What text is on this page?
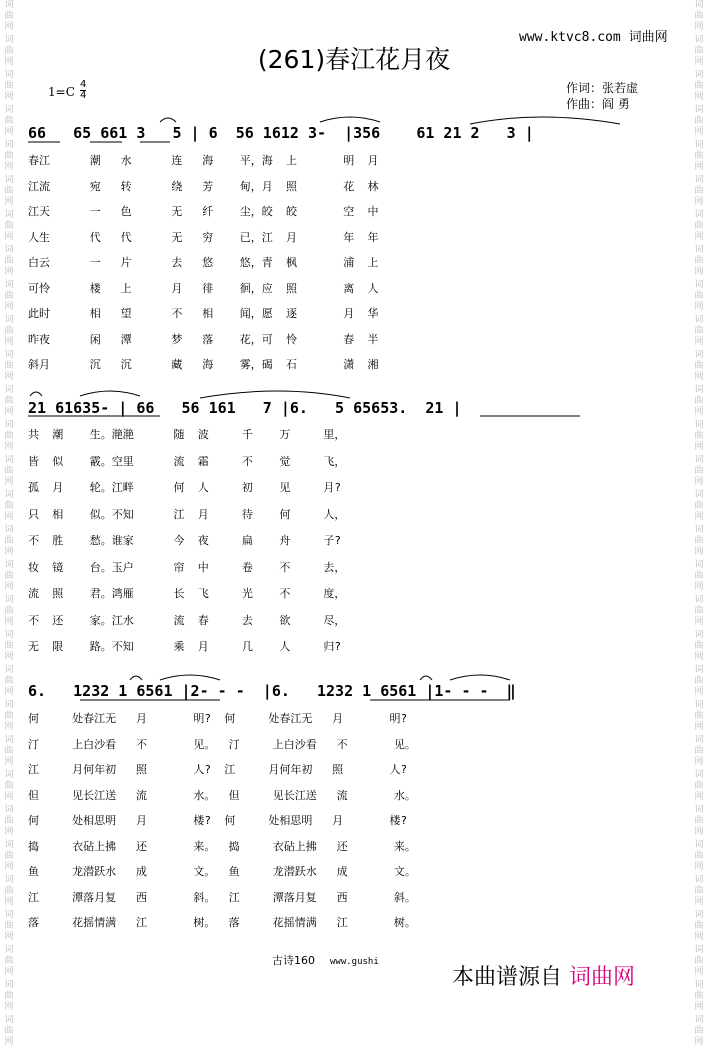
词
曲
网
词
曲
网
词
曲
网
词
曲
网
词
曲
网
词
曲
网
词
曲
网
词
曲
网
词
曲
网
词
曲
网
词
曲
网
词
曲
网
词
曲
网
词
曲
网
词
曲
网
词
曲
网
词
曲
网
词
曲
网
词
曲
网
词
曲
网
词
曲
网
词
曲
网
词
曲
网
词
曲
网
词
曲
网
词
曲
网
词
曲
网
词
曲
网
词
曲
网
词
曲
网
词
曲
网
词
曲
网
词
曲
网
词
曲
网
词
曲
网
词
曲
网
词
曲
网
词
曲
网
词
曲
网
词
曲
网
词
曲
网
词
曲
网
词
曲
网
词
曲
网
词
曲
网
词
曲
网
词
曲
网
词
曲
网
词
曲
网
词
曲
网
词
曲
网
词
曲
网
词
曲
网
词
曲
网
词
曲
网
词
曲
网
词
曲
网
词
曲
网
词
曲
网
词
曲
网
www.ktvc8.com 词曲网
(261)春江花月夜
$1=C \frac{4}{4}$	作词：张若虚
作曲：阎 勇
66   65 661 3   5 | 6  56 1612 3-  |356    61 21 2   3 |
21 61635- | 66   56 161   7 |6.   5 65653.  21 |
6.   1232 1 6561 |2- - -  |6.   1232 1 6561 |1- - -  ‖
春江      潮   水      连   海    平，海  上       明  月
江流      宛   转      绕   芳    甸，月  照       花  林
江天      一   色      无   纤    尘，皎  皎       空  中
人生      代   代      无   穷    已，江  月       年  年
白云      一   片      去   悠    悠，青  枫       浦  上
可怜      楼   上      月   徘    徊，应  照       离  人
此时      相   望      不   相    闻，愿  逐       月  华
昨夜      闲   潭      梦   落    花，可  怜       春  半
斜月      沉   沉      藏   海    雾，碣  石       潇  湘
共  潮    生。滟滟      随  波     千    万     里，
皆  似    霰。空里      流  霜     不    觉     飞，
孤  月    轮。江畔      何  人     初    见     月?
只  相    似。不知      江  月     待    何     人，
不  胜    愁。谁家      今  夜     扁    舟     子?
妆  镜    台。玉户      帘  中     卷    不     去，
流  照    君。鸿雁      长  飞     光    不     度，
不  还    家。江水      流  春     去    欲     尽，
无  限    路。不知      乘  月     几    人     归?
何     处春江无   月       明?  何     处春江无   月       明?
汀     上白沙看   不       见。  汀     上白沙看   不       见。
江     月何年初   照       人?  江     月何年初   照       人?
但     见长江送   流       水。  但     见长江送   流       水。
何     处相思明   月       楼?  何     处相思明   月       楼?
捣     衣砧上拂   还       来。  捣     衣砧上拂   还       来。
鱼     龙潜跃水   成       文。  鱼     龙潜跃水   成       文。
江     潭落月复   西       斜。  江     潭落月复   西       斜。
落     花摇情满   江       树。  落     花摇情满   江       树。
古诗160 www.gushi
本曲谱源自 词曲网
